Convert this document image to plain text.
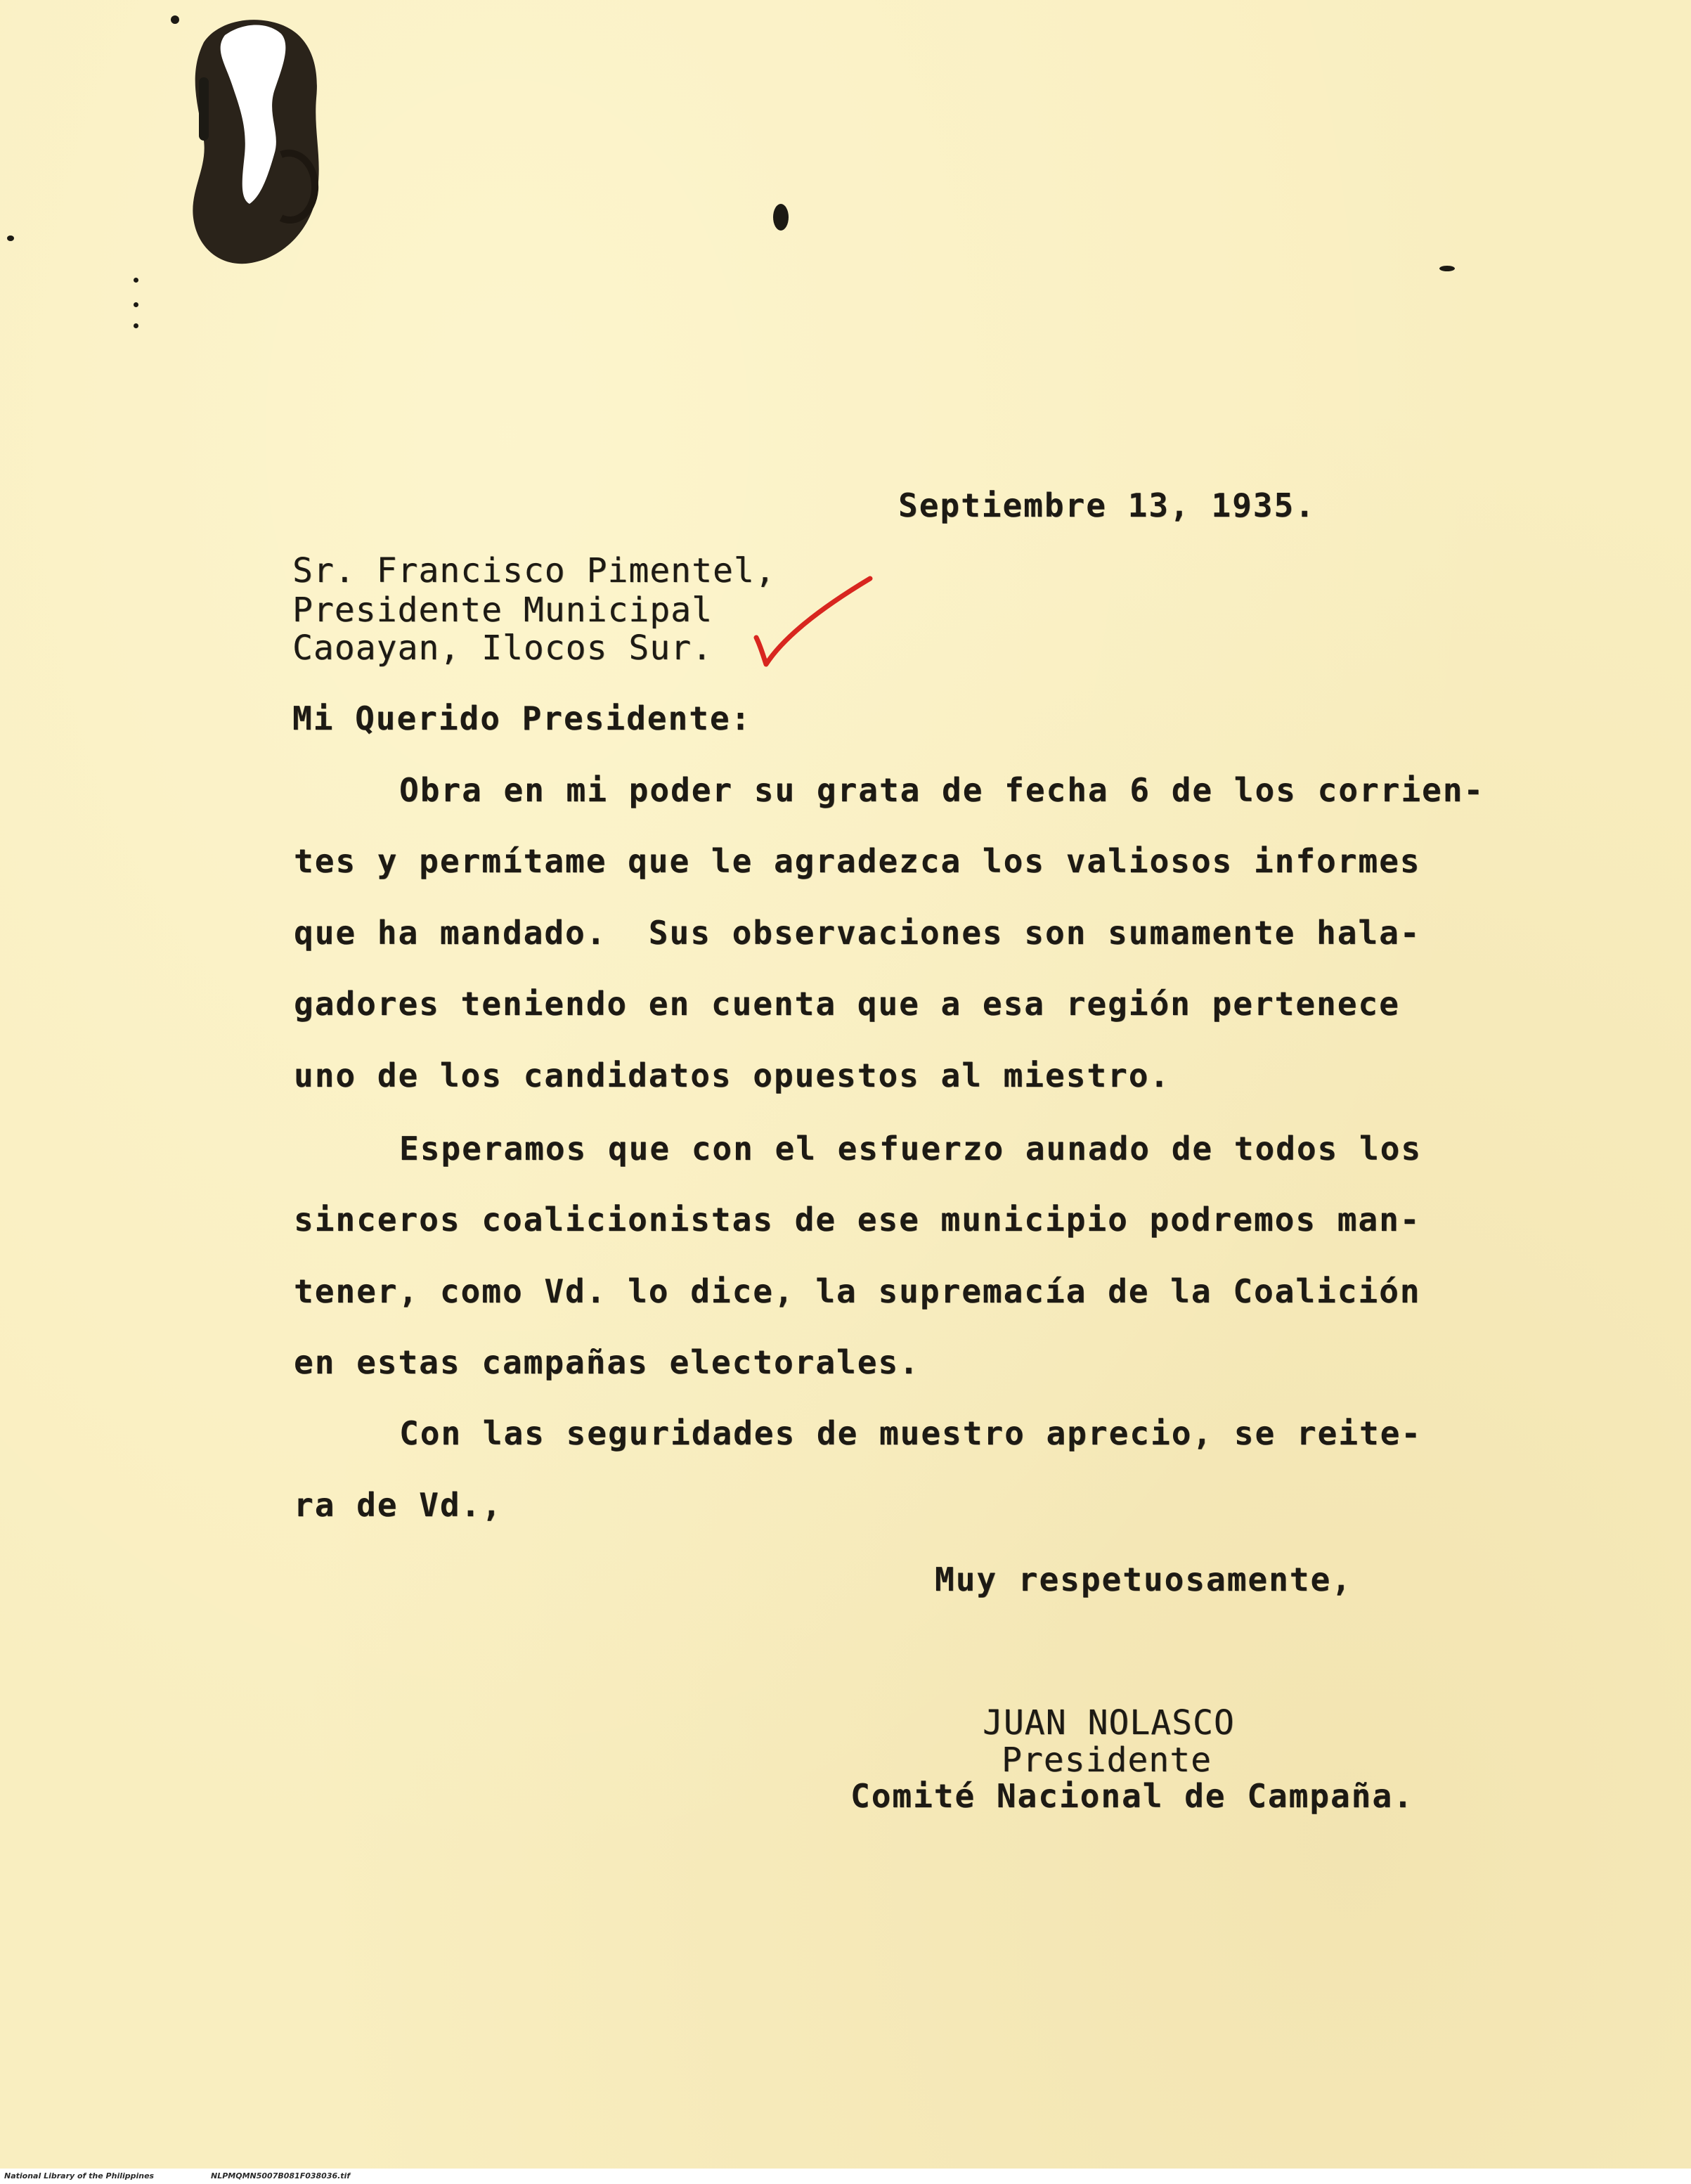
Septiembre 13, 1935.

Sr. Francisco Pimentel,

Presidente Municipal

Caoayan, Ilocos Sur.

Mi Querido Presidente:

Obra en mi poder su grata de fecha 6 de los corrien-

tes y permítame que le agradezca los valiosos informes

que ha mandado.  Sus observaciones son sumamente hala-

gadores teniendo en cuenta que a esa región pertenece

uno de los candidatos opuestos al miestro.

Esperamos que con el esfuerzo aunado de todos los

sinceros coalicionistas de ese municipio podremos man-

tener, como Vd. lo dice, la supremacía de la Coalición

en estas campañas electorales.

Con las seguridades de muestro aprecio, se reite-

ra de Vd.,

Muy respetuosamente,

JUAN NOLASCO

Presidente

Comité Nacional de Campaña.

National Library of the Philippines	NLPMQMN5007B081F038036.tif
